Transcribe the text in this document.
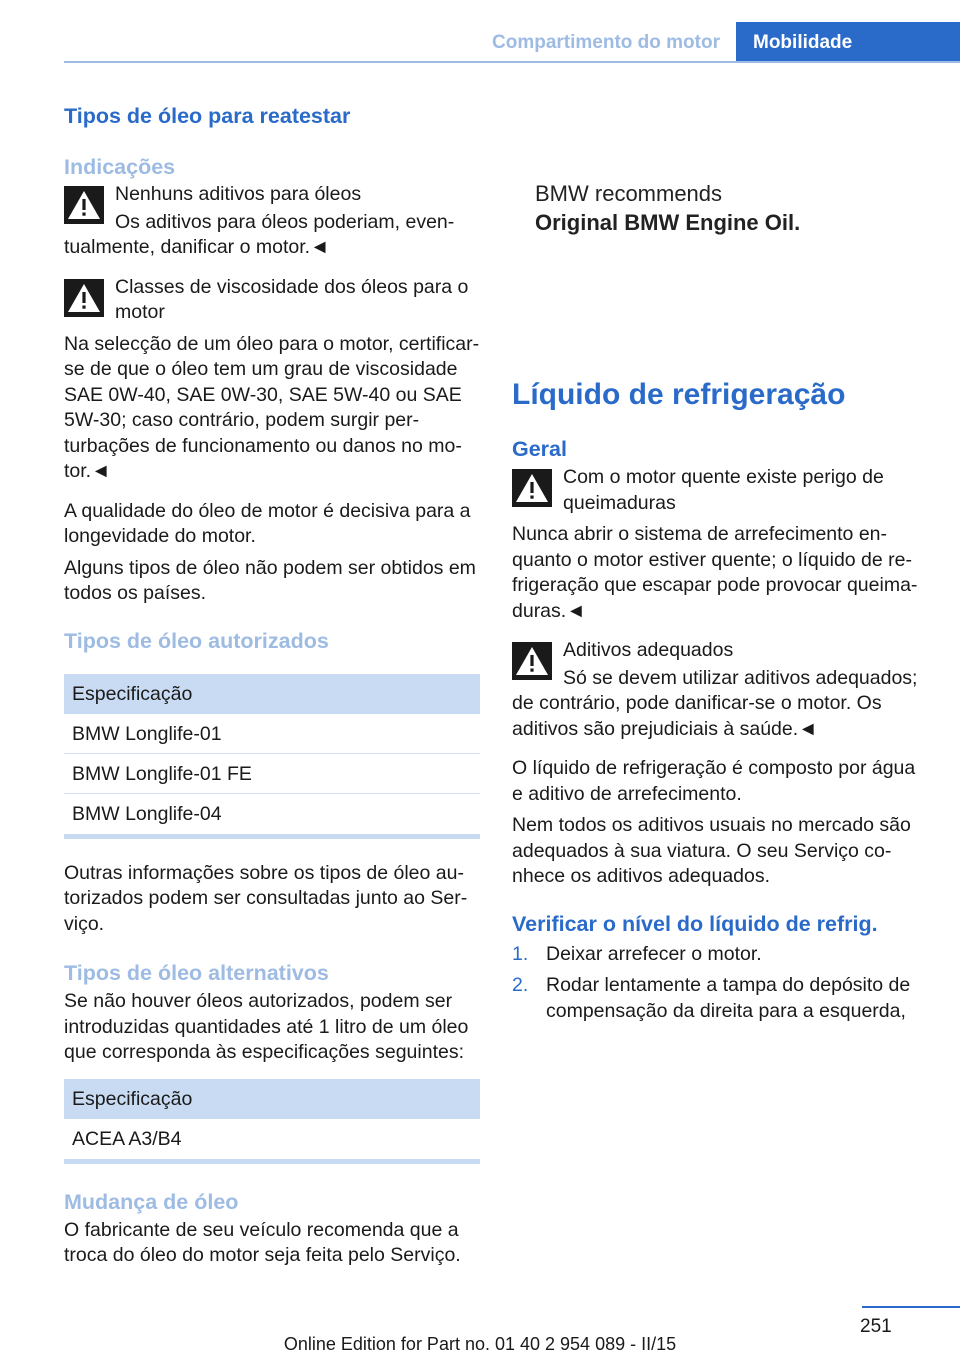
Compartimento do motor	Mobilidade
Tipos de óleo para reatestar
Indicações

Nenhuns aditivos para óleos

Os aditivos para óleos poderiam, eventualmente, danificar o motor.◄

Classes de viscosidade dos óleos para o motor

Na selecção de um óleo para o motor, certificar-se de que o óleo tem um grau de viscosidade SAE 0W-40, SAE 0W-30, SAE 5W-40 ou SAE 5W-30; caso contrário, podem surgir perturbações de funcionamento ou danos no motor.◄

A qualidade do óleo de motor é decisiva para a longevidade do motor.

Alguns tipos de óleo não podem ser obtidos em todos os países.

Tipos de óleo autorizados
Especificação
BMW Longlife-01
BMW Longlife-01 FE
BMW Longlife-04

Outras informações sobre os tipos de óleo autorizados podem ser consultadas junto ao Serviço.

Tipos de óleo alternativos

Se não houver óleos autorizados, podem ser introduzidas quantidades até 1 litro de um óleo que corresponda às especificações seguintes:

Especificação
ACEA A3/B4
Mudança de óleo

O fabricante de seu veículo recomenda que a troca do óleo do motor seja feita pelo Serviço.

BMW recommends
Original BMW Engine Oil.
Líquido de refrigeração
Geral

Com o motor quente existe perigo de queimaduras

Nunca abrir o sistema de arrefecimento enquanto o motor estiver quente; o líquido de refrigeração que escapar pode provocar queimaduras.◄

Aditivos adequados

Só se devem utilizar aditivos adequados; de contrário, pode danificar-se o motor. Os aditivos são prejudiciais à saúde.◄

O líquido de refrigeração é composto por água e aditivo de arrefecimento.

Nem todos os aditivos usuais no mercado são adequados à sua viatura. O seu Serviço conhece os aditivos adequados.

Verificar o nível do líquido de refrig.
1. Deixar arrefecer o motor.
2. Rodar lentamente a tampa do depósito de compensação da direita para a esquerda,
251
Online Edition for Part no. 01 40 2 954 089 - II/15
